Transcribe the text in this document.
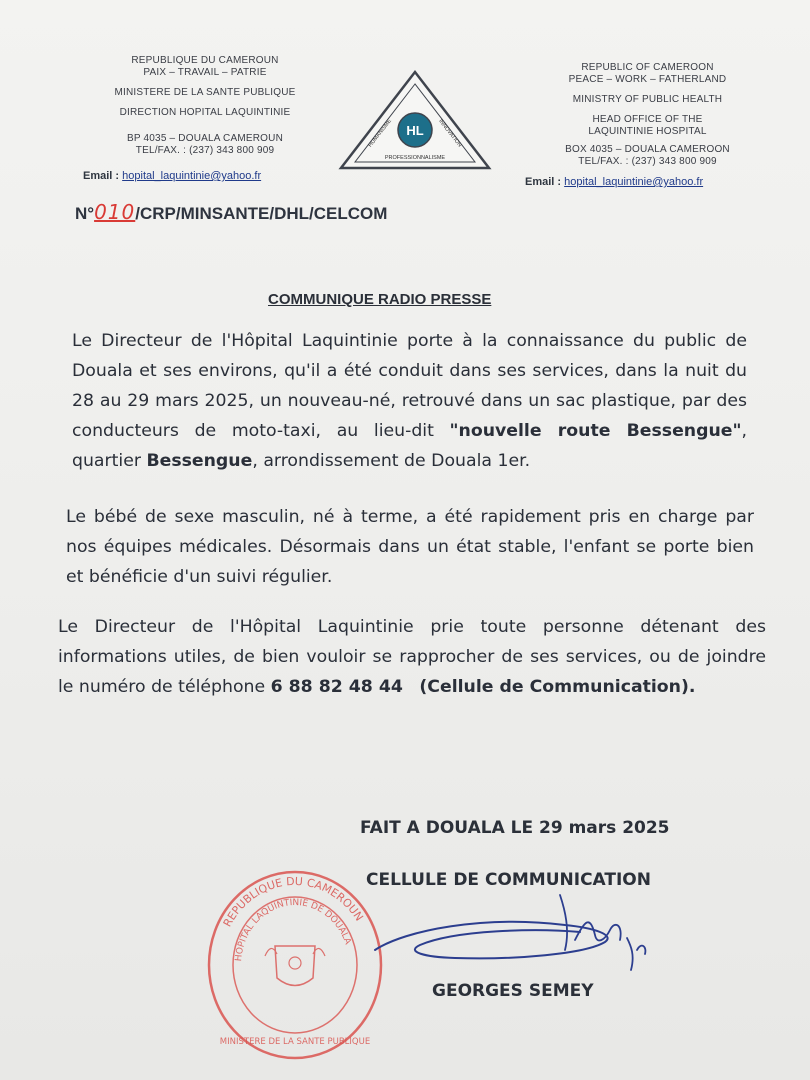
REPUBLIQUE DU CAMEROUN
PAIX – TRAVAIL – PATRIE
MINISTERE DE LA SANTE PUBLIQUE
DIRECTION HOPITAL LAQUINTINIE
BP 4035 – DOUALA CAMEROUN
TEL/FAX. : (237) 343 800 909
Email : hopital_laquintinie@yahoo.fr
HL
HUMANISME	INNOVATION
PROFESSIONNALISME
REPUBLIC OF CAMEROON
PEACE – WORK – FATHERLAND
MINISTRY OF PUBLIC HEALTH
HEAD OFFICE OF THE
LAQUINTINIE HOSPITAL
BOX 4035 – DOUALA CAMEROON
TEL/FAX. : (237) 343 800 909
Email : hopital_laquintinie@yahoo.fr
N°010/CRP/MINSANTE/DHL/CELCOM
COMMUNIQUE RADIO PRESSE
Le Directeur de l'Hôpital Laquintinie porte à la connaissance du public de Douala et ses environs, qu'il a été conduit dans ses services, dans la nuit du 28 au 29 mars 2025, un nouveau-né, retrouvé dans un sac plastique, par des conducteurs de moto-taxi, au lieu-dit "nouvelle route Bessengue", quartier Bessengue, arrondissement de Douala 1er.
Le bébé de sexe masculin, né à terme, a été rapidement pris en charge par nos équipes médicales. Désormais dans un état stable, l'enfant se porte bien et bénéficie d'un suivi régulier.
Le Directeur de l'Hôpital Laquintinie prie toute personne détenant des informations utiles, de bien vouloir se rapprocher de ses services, ou de joindre le numéro de téléphone 6 88 82 48 44 (Cellule de Communication).
FAIT A DOUALA LE 29 mars 2025
CELLULE DE COMMUNICATION
REPUBLIQUE DU CAMEROUN
HOPITAL LAQUINTINIE DE DOUALA
MINISTERE DE LA SANTE PUBLIQUE
GEORGES SEMEY
